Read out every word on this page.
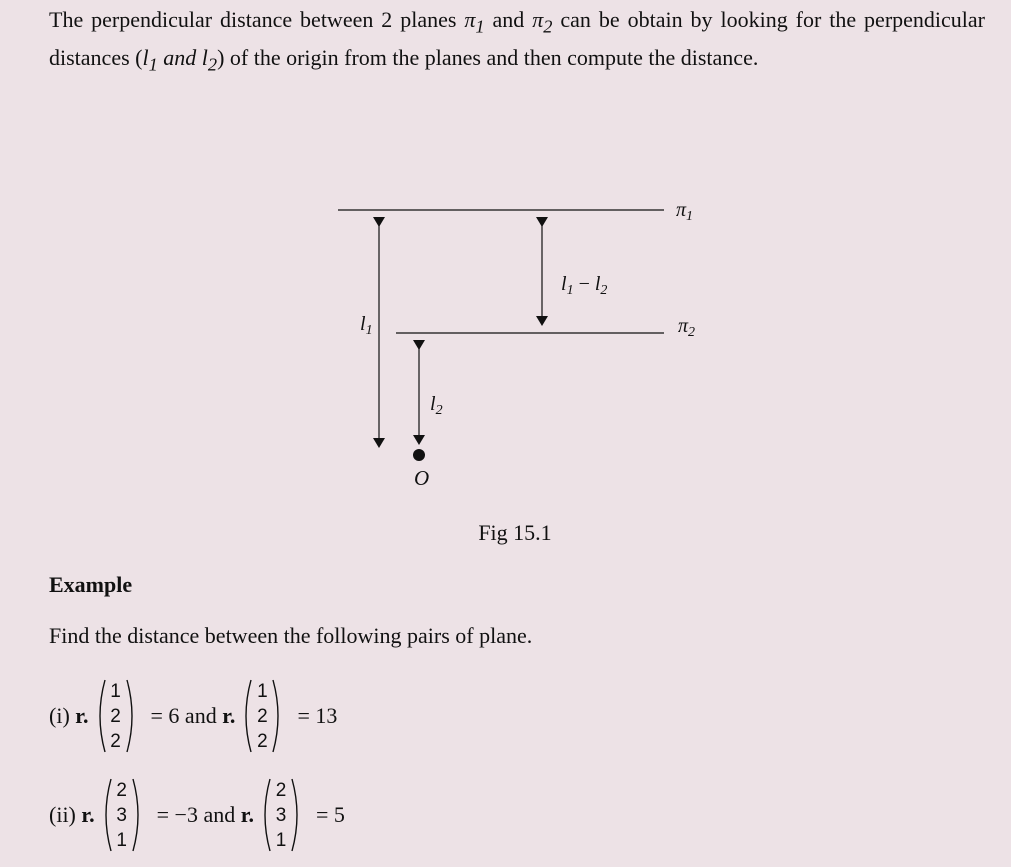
The perpendicular distance between 2 planes $\pi_1$ and $\pi_2$ can be obtain by looking for the perpendicular distances ($l_1$ and $l_2$) of the origin from the planes and then compute the distance.
$\pi_1$
$\pi_2$
$l_1$
$l_2$
$l_1 - l_2$
O
Fig 15.1
Example
Find the distance between the following pairs of plane.
(i) r.
1
2
2
= 6 and r.
1
2
2
= 13
(ii) r.
2
3
1
= −3 and r.
2
3
1
= 5
